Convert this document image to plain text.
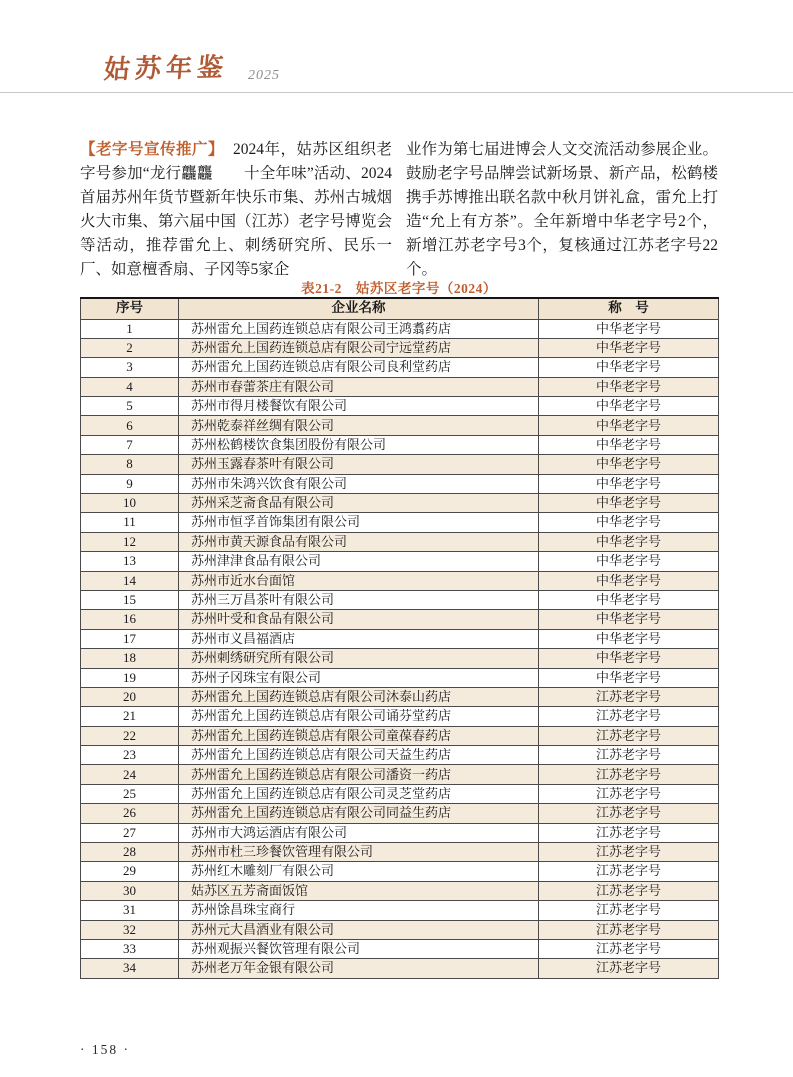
姑苏年鉴 2025
【老字号宣传推广】 2024年，姑苏区组织老字号参加“龙行龘龘　　十全年味”活动、2024首届苏州年货节暨新年快乐市集、苏州古城烟火大市集、第六届中国（江苏）老字号博览会等活动，推荐雷允上、刺绣研究所、民乐一厂、如意檀香扇、子冈等5家企
业作为第七届进博会人文交流活动参展企业。鼓励老字号品牌尝试新场景、新产品，松鹤楼携手苏博推出联名款中秋月饼礼盒，雷允上打造“允上有方茶”。全年新增中华老字号2个，新增江苏老字号3个，复核通过江苏老字号22个。
表21-2　姑苏区老字号（2024）
序号	企业名称	称　号
1	苏州雷允上国药连锁总店有限公司王鸿翥药店	中华老字号
2	苏州雷允上国药连锁总店有限公司宁远堂药店	中华老字号
3	苏州雷允上国药连锁总店有限公司良利堂药店	中华老字号
4	苏州市春蕾茶庄有限公司	中华老字号
5	苏州市得月楼餐饮有限公司	中华老字号
6	苏州乾泰祥丝绸有限公司	中华老字号
7	苏州松鹤楼饮食集团股份有限公司	中华老字号
8	苏州玉露春茶叶有限公司	中华老字号
9	苏州市朱鸿兴饮食有限公司	中华老字号
10	苏州采芝斋食品有限公司	中华老字号
11	苏州市恒孚首饰集团有限公司	中华老字号
12	苏州市黄天源食品有限公司	中华老字号
13	苏州津津食品有限公司	中华老字号
14	苏州市近水台面馆	中华老字号
15	苏州三万昌茶叶有限公司	中华老字号
16	苏州叶受和食品有限公司	中华老字号
17	苏州市义昌福酒店	中华老字号
18	苏州刺绣研究所有限公司	中华老字号
19	苏州子冈珠宝有限公司	中华老字号
20	苏州雷允上国药连锁总店有限公司沐泰山药店	江苏老字号
21	苏州雷允上国药连锁总店有限公司诵芬堂药店	江苏老字号
22	苏州雷允上国药连锁总店有限公司童葆春药店	江苏老字号
23	苏州雷允上国药连锁总店有限公司天益生药店	江苏老字号
24	苏州雷允上国药连锁总店有限公司潘资一药店	江苏老字号
25	苏州雷允上国药连锁总店有限公司灵芝堂药店	江苏老字号
26	苏州雷允上国药连锁总店有限公司同益生药店	江苏老字号
27	苏州市大鸿运酒店有限公司	江苏老字号
28	苏州市杜三珍餐饮管理有限公司	江苏老字号
29	苏州红木雕刻厂有限公司	江苏老字号
30	姑苏区五芳斋面饭馆	江苏老字号
31	苏州馀昌珠宝商行	江苏老字号
32	苏州元大昌酒业有限公司	江苏老字号
33	苏州观振兴餐饮管理有限公司	江苏老字号
34	苏州老万年金银有限公司	江苏老字号
· 158 ·
